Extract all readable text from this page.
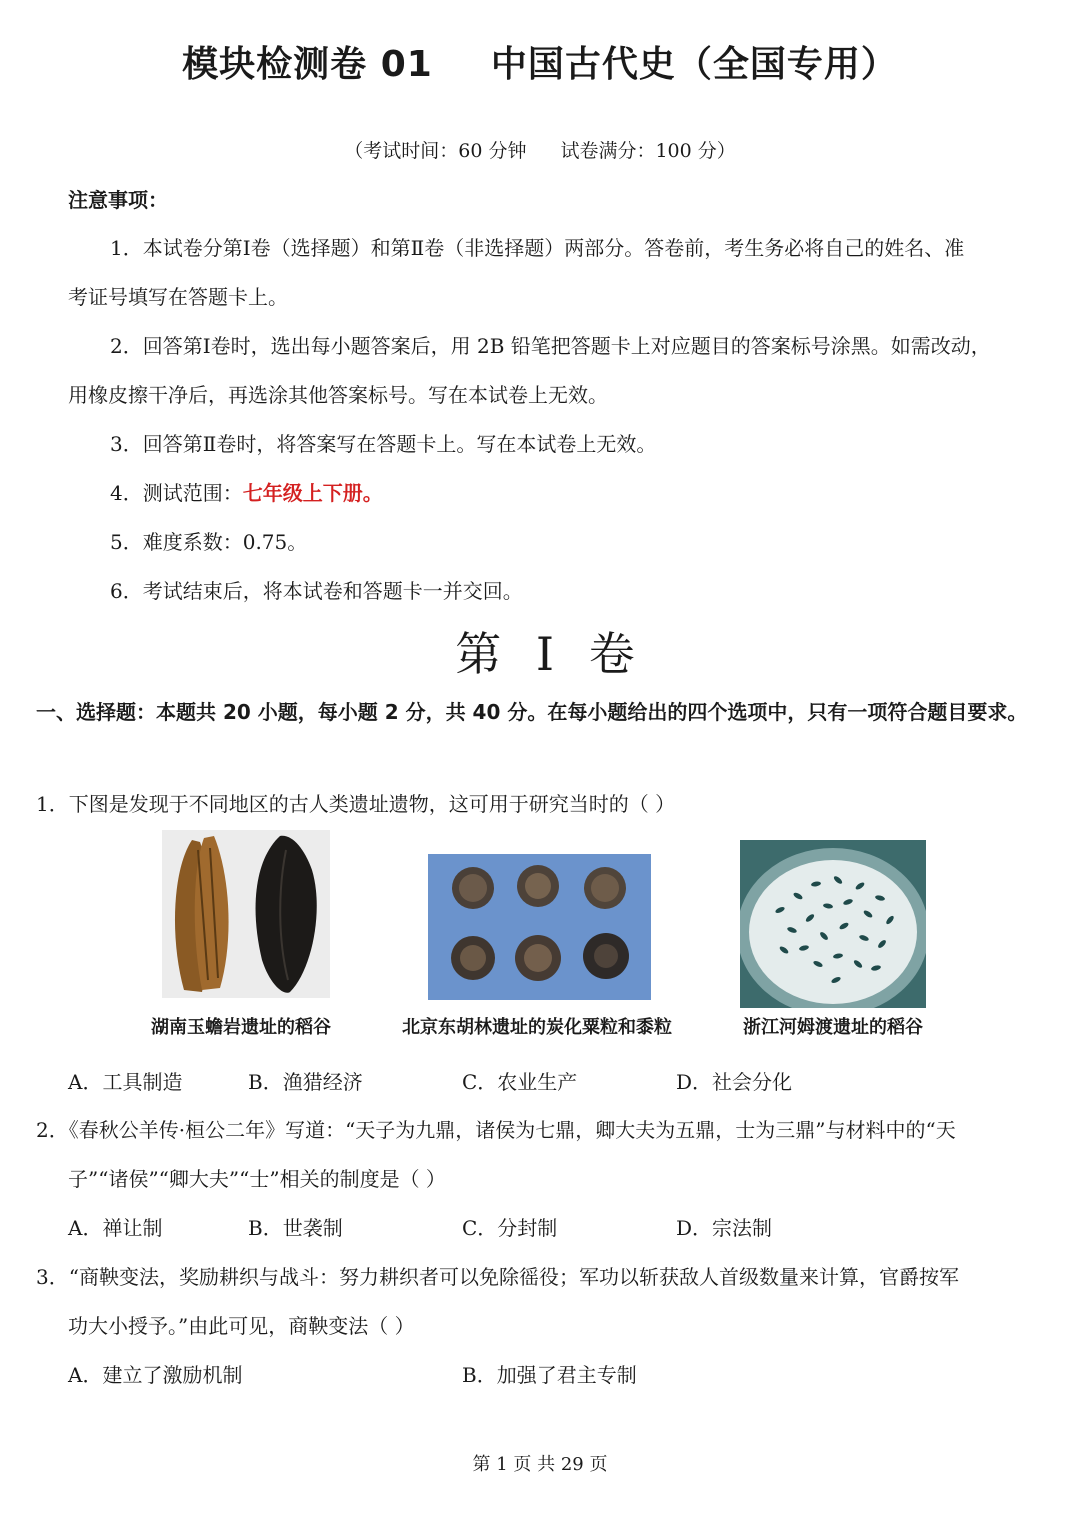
模块检测卷 01 中国古代史（全国专用）
（考试时间：60 分钟 试卷满分：100 分）
注意事项：
1．本试卷分第Ⅰ卷（选择题）和第Ⅱ卷（非选择题）两部分。答卷前，考生务必将自己的姓名、准
考证号填写在答题卡上。
2．回答第Ⅰ卷时，选出每小题答案后，用 2B 铅笔把答题卡上对应题目的答案标号涂黑。如需改动，
用橡皮擦干净后，再选涂其他答案标号。写在本试卷上无效。
3．回答第Ⅱ卷时，将答案写在答题卡上。写在本试卷上无效。
4．测试范围：七年级上下册。
5．难度系数：0.75。
6．考试结束后，将本试卷和答题卡一并交回。
第 I 卷
一、选择题：本题共 20 小题，每小题 2 分，共 40 分。在每小题给出的四个选项中，只有一项符合题目要求。
1．下图是发现于不同地区的古人类遗址遗物，这可用于研究当时的（ ）
湖南玉蟾岩遗址的稻谷	北京东胡林遗址的炭化粟粒和黍粒	浙江河姆渡遗址的稻谷
A．工具制造	B．渔猎经济	C．农业生产	D．社会分化
2．《春秋公羊传·桓公二年》写道：“天子为九鼎，诸侯为七鼎，卿大夫为五鼎，士为三鼎”与材料中的“天
子”“诸侯”“卿大夫”“士”相关的制度是（ ）
A．禅让制	B．世袭制	C．分封制	D．宗法制
3．“商鞅变法，奖励耕织与战斗：努力耕织者可以免除徭役；军功以斩获敌人首级数量来计算，官爵按军
功大小授予。”由此可见，商鞅变法（ ）
A．建立了激励机制	B．加强了君主专制
第 1 页 共 29 页
